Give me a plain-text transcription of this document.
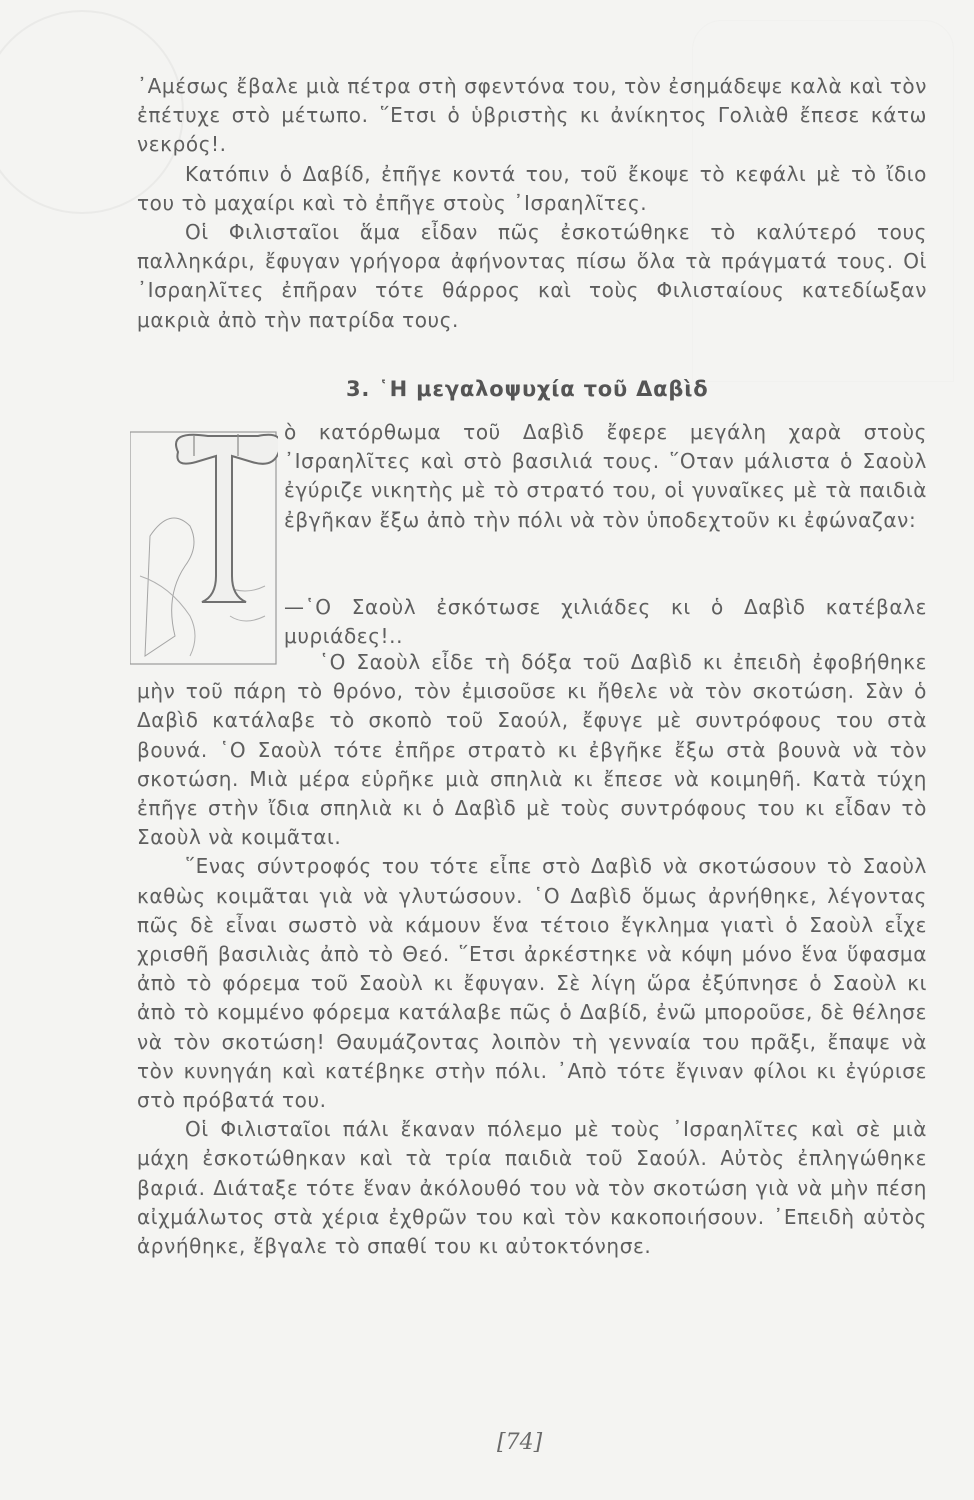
᾿Αμέσως ἔβαλε μιὰ πέτρα στὴ σφεντόνα του, τὸν ἐσημάδεψε καλὰ καὶ τὸν ἐπέτυχε στὸ μέτωπο. ῞Ετσι ὁ ὑβριστὴς κι ἀνίκητος Γολιὰθ ἔπεσε κάτω νεκρός!.

Κατόπιν ὁ Δαβίδ, ἐπῆγε κοντά του, τοῦ ἔκοψε τὸ κεφάλι μὲ τὸ ἴδιο του τὸ μαχαίρι καὶ τὸ ἐπῆγε στοὺς ᾿Ισραηλῖτες.

Οἱ Φιλισταῖοι ἅμα εἶδαν πῶς ἐσκοτώθηκε τὸ καλύτερό τους παλληκάρι, ἔφυγαν γρήγορα ἀφήνοντας πίσω ὅλα τὰ πράγματά τους. Οἱ ᾿Ισραηλῖτες ἐπῆραν τότε θάρρος καὶ τοὺς Φιλισταίους κατεδίωξαν μακριὰ ἀπὸ τὴν πατρίδα τους.

3. ῾Η μεγαλοψυχία τοῦ Δαβὶδ

ὸ κατόρθωμα τοῦ Δαβὶδ ἔφερε μεγάλη χαρὰ στοὺς ᾿Ισραηλῖτες καὶ στὸ βασιλιά τους. ῞Οταν μάλιστα ὁ Σαοὺλ ἐγύριζε νικητὴς μὲ τὸ στρατό του, οἱ γυναῖκες μὲ τὰ παιδιὰ ἐβγῆκαν ἔξω ἀπὸ τὴν πόλι νὰ τὸν ὑποδεχτοῦν κι ἐφώναζαν:

—῾Ο Σαοὺλ ἐσκότωσε χιλιάδες κι ὁ Δαβὶδ κατέβαλε μυριάδες!..

῾Ο Σαοὺλ εἶδε τὴ δόξα τοῦ Δαβὶδ κι ἐπειδὴ ἐφοβήθηκε μὴν τοῦ πάρη τὸ θρόνο, τὸν ἐμισοῦσε κι ἤθελε νὰ τὸν σκοτώση. Σὰν ὁ Δαβὶδ κατάλαβε τὸ σκοπὸ τοῦ Σαούλ, ἔφυγε μὲ συντρόφους του στὰ βουνά. ῾Ο Σαοὺλ τότε ἐπῆρε στρατὸ κι ἐβγῆκε ἔξω στὰ βουνὰ νὰ τὸν σκοτώση. Μιὰ μέρα εὑρῆκε μιὰ σπηλιὰ κι ἔπεσε νὰ κοιμηθῆ. Κατὰ τύχη ἐπῆγε στὴν ἴδια σπηλιὰ κι ὁ Δαβὶδ μὲ τοὺς συντρόφους του κι εἶδαν τὸ Σαοὺλ νὰ κοιμᾶται.

῞Ενας σύντροφός του τότε εἶπε στὸ Δαβὶδ νὰ σκοτώσουν τὸ Σαοὺλ καθὼς κοιμᾶται γιὰ νὰ γλυτώσουν. ῾Ο Δαβὶδ ὅμως ἀρνήθηκε, λέγοντας πῶς δὲ εἶναι σωστὸ νὰ κάμουν ἕνα τέτοιο ἔγκλημα γιατὶ ὁ Σαοὺλ εἶχε χρισθῆ βασιλιὰς ἀπὸ τὸ Θεό. ῞Ετσι ἀρκέστηκε νὰ κόψη μόνο ἕνα ὕφασμα ἀπὸ τὸ φόρεμα τοῦ Σαοὺλ κι ἔφυγαν. Σὲ λίγη ὥρα ἐξύπνησε ὁ Σαοὺλ κι ἀπὸ τὸ κομμένο φόρεμα κατάλαβε πῶς ὁ Δαβίδ, ἐνῶ μποροῦσε, δὲ θέλησε νὰ τὸν σκοτώση! Θαυμάζοντας λοιπὸν τὴ γενναία του πρᾶξι, ἔπαψε νὰ τὸν κυνηγάη καὶ κατέβηκε στὴν πόλι. ᾿Απὸ τότε ἔγιναν φίλοι κι ἐγύρισε στὸ πρόβατά του.

Οἱ Φιλισταῖοι πάλι ἔκαναν πόλεμο μὲ τοὺς ᾿Ισραηλῖτες καὶ σὲ μιὰ μάχη ἐσκοτώθηκαν καὶ τὰ τρία παιδιὰ τοῦ Σαούλ. Αὐτὸς ἐπληγώθηκε βαριά. Διάταξε τότε ἕναν ἀκόλουθό του νὰ τὸν σκοτώση γιὰ νὰ μὴν πέση αἰχμάλωτος στὰ χέρια ἐχθρῶν του καὶ τὸν κακοποιήσουν. ᾿Επειδὴ αὐτὸς ἀρνήθηκε, ἔβγαλε τὸ σπαθί του κι αὐτοκτόνησε.

[74]
